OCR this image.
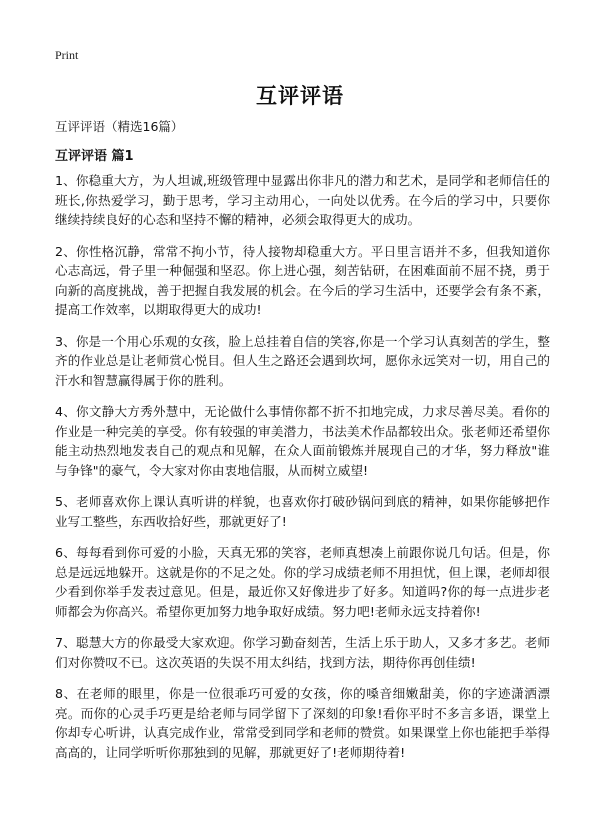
Print
互评评语

互评评语（精选16篇）

互评评语 篇1

1、你稳重大方，为人坦诚,班级管理中显露出你非凡的潜力和艺术，是同学和老师信任的班长,你热爱学习，勤于思考，学习主动用心，一向处以优秀。在今后的学习中，只要你继续持续良好的心态和坚持不懈的精神，必须会取得更大的成功。

2、你性格沉静，常常不拘小节，待人接物却稳重大方。平日里言语并不多，但我知道你心志高远，骨子里一种倔强和坚忍。你上进心强，刻苦钻研，在困难面前不屈不挠，勇于向新的高度挑战，善于把握自我发展的机会。在今后的学习生活中，还要学会有条不紊，提高工作效率，以期取得更大的成功!

3、你是一个用心乐观的女孩，脸上总挂着自信的笑容,你是一个学习认真刻苦的学生，整齐的作业总是让老师赏心悦目。但人生之路还会遇到坎坷，愿你永远笑对一切，用自己的汗水和智慧赢得属于你的胜利。

4、你文静大方秀外慧中，无论做什么事情你都不折不扣地完成，力求尽善尽美。看你的作业是一种完美的享受。你有较强的审美潜力，书法美术作品都较出众。张老师还希望你能主动热烈地发表自己的观点和见解，在众人面前锻炼并展现自己的才华，努力释放"谁与争锋"的豪气，令大家对你由衷地信服，从而树立威望!

5、老师喜欢你上课认真听讲的样貌，也喜欢你打破砂锅问到底的精神，如果你能够把作业写工整些，东西收拾好些，那就更好了!

6、每每看到你可爱的小脸，天真无邪的笑容，老师真想凑上前跟你说几句话。但是，你总是远远地躲开。这就是你的不足之处。你的学习成绩老师不用担忧，但上课，老师却很少看到你举手发表过意见。但是，最近你又好像进步了好多。知道吗?你的每一点进步老师都会为你高兴。希望你更加努力地争取好成绩。努力吧!老师永远支持着你!

7、聪慧大方的你最受大家欢迎。你学习勤奋刻苦，生活上乐于助人，又多才多艺。老师们对你赞叹不已。这次英语的失误不用太纠结，找到方法，期待你再创佳绩!

8、在老师的眼里，你是一位很乖巧可爱的女孩，你的嗓音细嫩甜美，你的字迹潇洒漂亮。而你的心灵手巧更是给老师与同学留下了深刻的印象!看你平时不多言多语，课堂上你却专心听讲，认真完成作业，常常受到同学和老师的赞赏。如果课堂上你也能把手举得高高的，让同学听听你那独到的见解，那就更好了!老师期待着!
